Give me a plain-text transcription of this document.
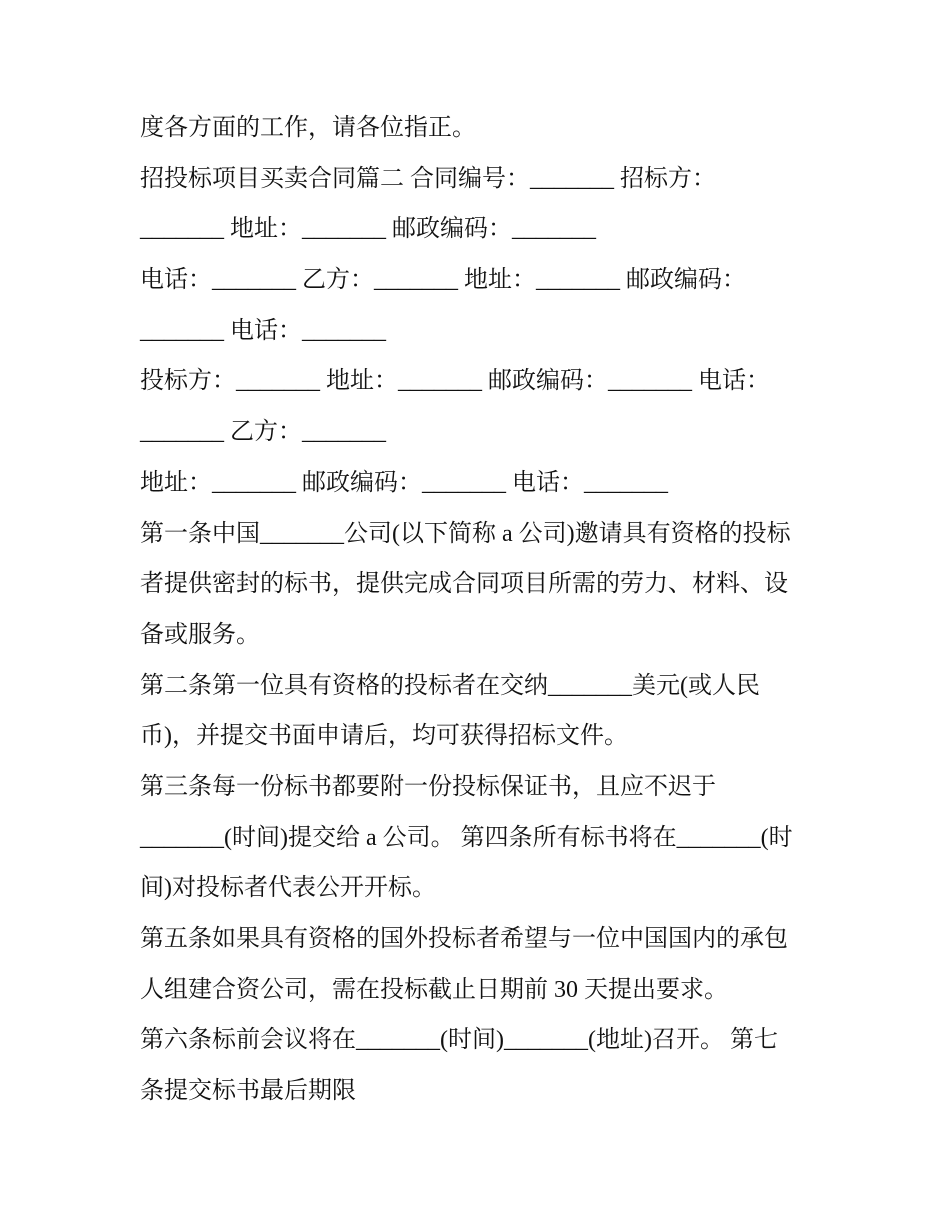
度各方面的工作，请各位指正。
招投标项目买卖合同篇二 合同编号：_______ 招标方：
_______ 地址：_______ 邮政编码：_______
电话：_______ 乙方：_______ 地址：_______ 邮政编码：
_______ 电话：_______
投标方：_______ 地址：_______ 邮政编码：_______ 电话：
_______ 乙方：_______
地址：_______ 邮政编码：_______ 电话：_______
第一条中国_______公司(以下简称 a 公司)邀请具有资格的投标
者提供密封的标书，提供完成合同项目所需的劳力、材料、设
备或服务。
第二条第一位具有资格的投标者在交纳_______美元(或人民
币)，并提交书面申请后，均可获得招标文件。
第三条每一份标书都要附一份投标保证书，且应不迟于
_______(时间)提交给 a 公司。 第四条所有标书将在_______(时
间)对投标者代表公开开标。
第五条如果具有资格的国外投标者希望与一位中国国内的承包
人组建合资公司，需在投标截止日期前 30 天提出要求。
第六条标前会议将在_______(时间)_______(地址)召开。 第七
条提交标书最后期限
